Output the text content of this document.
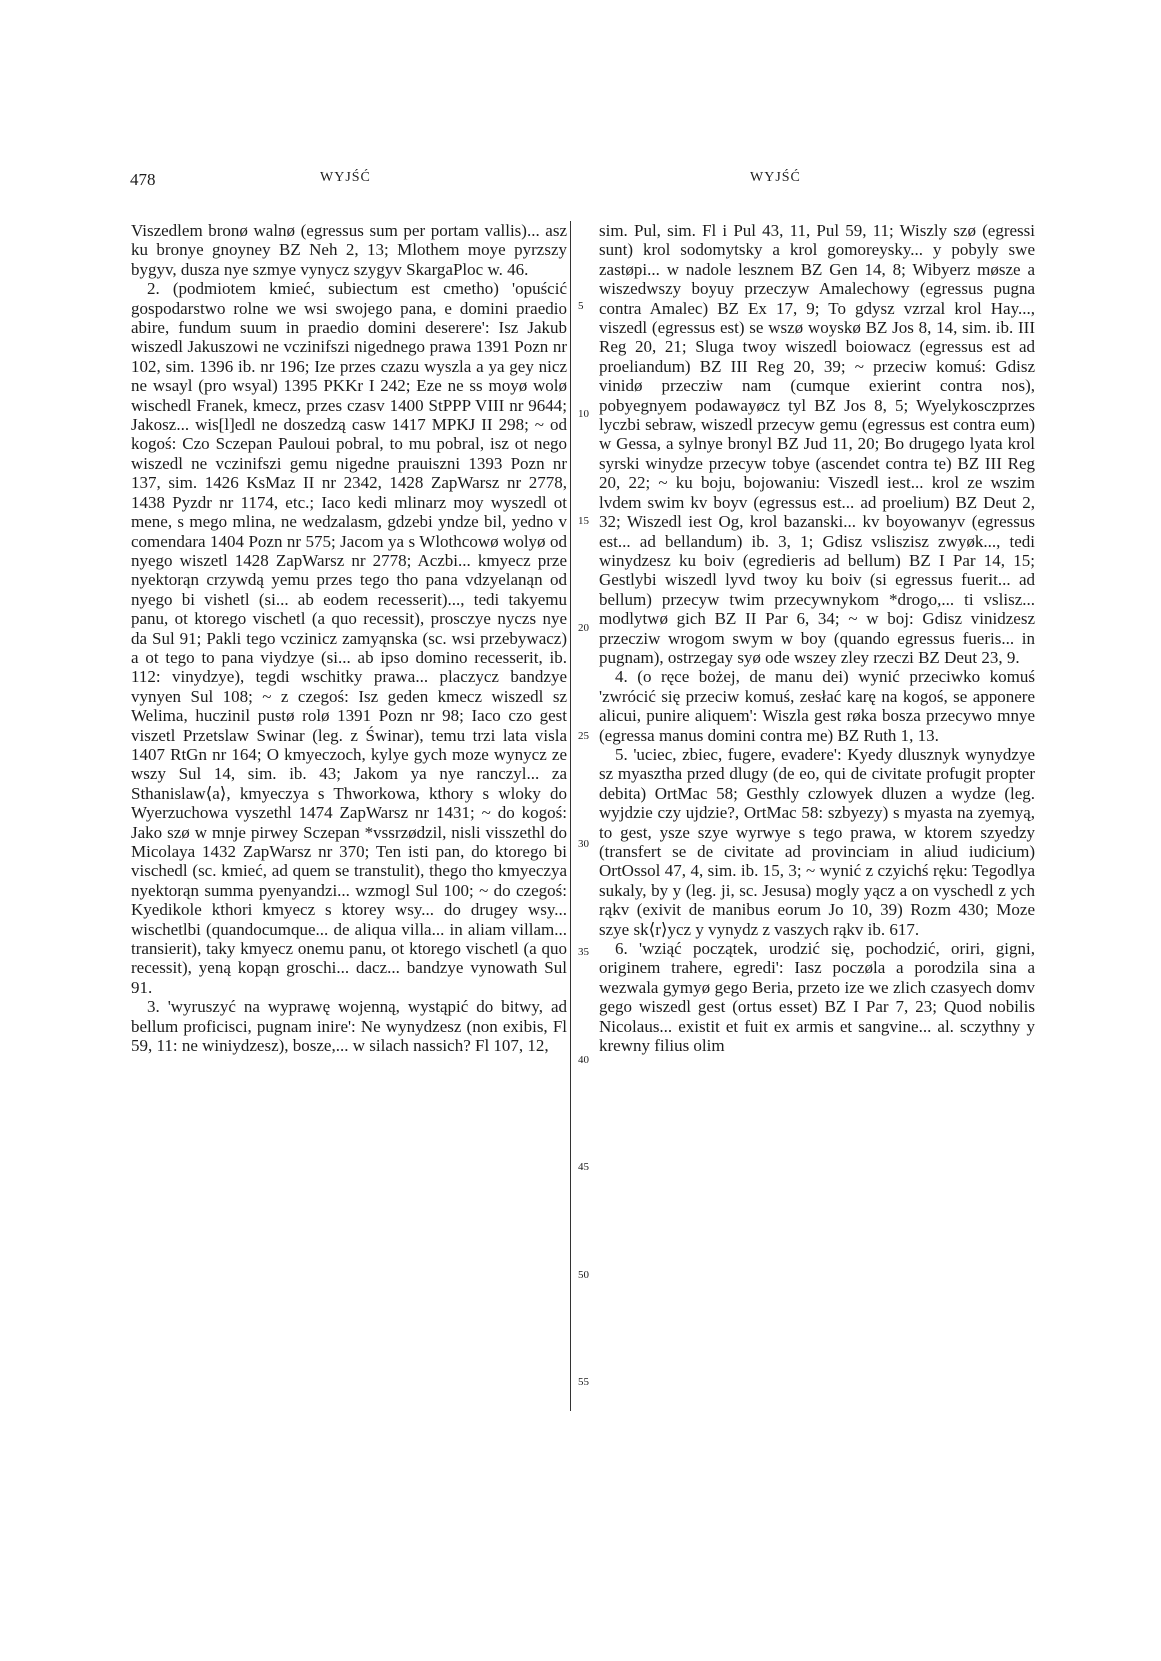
478	WYJŚĆ	WYJŚĆ

Viszedlem bronø walnø (egressus sum per portam vallis)... asz ku bronye gnoyney BZ Neh 2, 13; Mlothem moye pyrzszy bygyv, dusza nye szmye vynycz szygyv SkargaPloc w. 46.

2. (podmiotem kmieć, subiectum est cmetho) 'opuścić gospodarstwo rolne we wsi swojego pana, e domini praedio abire, fundum suum in praedio domini deserere': Isz Jakub wiszedl Jakuszowi ne vczinifszi nigednego prawa 1391 Pozn nr 102, sim. 1396 ib. nr 196; Ize przes czazu wyszla a ya gey nicz ne wsayl (pro wsyal) 1395 PKKr I 242; Eze ne ss moyø wolø wischedl Franek, kmecz, przes czasv 1400 StPPP VIII nr 9644; Jakosz... wis[l]edl ne doszedzą casw 1417 MPKJ II 298; ~ od kogoś: Czo Sczepan Pauloui pobral, to mu pobral, isz ot nego wiszedl ne vczinifszi gemu nigedne prauiszni 1393 Pozn nr 137, sim. 1426 KsMaz II nr 2342, 1428 ZapWarsz nr 2778, 1438 Pyzdr nr 1174, etc.; Iaco kedi mlinarz moy wyszedl ot mene, s mego mlina, ne wedzalasm, gdzebi yndze bil, yedno v comendara 1404 Pozn nr 575; Jacom ya s Wlothcowø wolyø od nyego wiszetl 1428 ZapWarsz nr 2778; Aczbi... kmyecz prze nyektorąn crzywdą yemu przes tego tho pana vdzyelanąn od nyego bi vishetl (si... ab eodem recesserit)..., tedi takyemu panu, ot ktorego vischetl (a quo recessit), prosczye nyczs nye da Sul 91; Pakli tego vczinicz zamyąnska (sc. wsi przebywacz) a ot tego to pana viydzye (si... ab ipso domino recesserit, ib. 112: vinydzye), tegdi wschitky prawa... placzycz bandzye vynyen Sul 108; ~ z czegoś: Isz geden kmecz wiszedl sz Welima, huczinil pustø rolø 1391 Pozn nr 98; Iaco czo gest viszetl Przetslaw Swinar (leg. z Świnar), temu trzi lata visla 1407 RtGn nr 164; O kmyeczoch, kylye gych moze wynycz ze wszy Sul 14, sim. ib. 43; Jakom ya nye ranczyl... za Sthanislaw⟨a⟩, kmyeczya s Thworkowa, kthory s wloky do Wyerzuchowa vyszethl 1474 ZapWarsz nr 1431; ~ do kogoś: Jako szø w mnje pirwey Sczepan *vssrzødzil, nisli visszethl do Micolaya 1432 ZapWarsz nr 370; Ten isti pan, do ktorego bi vischedl (sc. kmieć, ad quem se transtulit), thego tho kmyeczya nyektorąn summa pyenyandzi... wzmogl Sul 100; ~ do czegoś: Kyedikole kthori kmyecz s ktorey wsy... do drugey wsy... wischetlbi (quandocumque... de aliqua villa... in aliam villam... transierit), taky kmyecz onemu panu, ot ktorego vischetl (a quo recessit), yeną kopąn groschi... dacz... bandzye vynowath Sul 91.

3. 'wyruszyć na wyprawę wojenną, wystąpić do bitwy, ad bellum proficisci, pugnam inire': Ne wynydzesz (non exibis, Fl 59, 11: ne winiydzesz), bosze,... w silach nassich? Fl 107, 12,

5
10
15
20
25
30
35
40
45
50
55

sim. Pul, sim. Fl i Pul 43, 11, Pul 59, 11; Wiszly szø (egressi sunt) krol sodomytsky a krol gomoreysky... y pobyly swe zastøpi... w nadole lesznem BZ Gen 14, 8; Wibyerz møsze a wiszedwszy boyuy przeczyw Amalechowy (egressus pugna contra Amalec) BZ Ex 17, 9; To gdysz vzrzal krol Hay..., viszedl (egressus est) se wszø woyskø BZ Jos 8, 14, sim. ib. III Reg 20, 21; Sluga twoy wiszedl boiowacz (egressus est ad proeliandum) BZ III Reg 20, 39; ~ przeciw komuś: Gdisz vinidø przecziw nam (cumque exierint contra nos), pobyegnyem podawayøcz tyl BZ Jos 8, 5; Wyelykosczprzes lyczbi sebraw, wiszedl przecyw gemu (egressus est contra eum) w Gessa, a sylnye bronyl BZ Jud 11, 20; Bo drugego lyata krol syrski winydze przecyw tobye (ascendet contra te) BZ III Reg 20, 22; ~ ku boju, bojowaniu: Viszedl iest... krol ze wszim lvdem swim kv boyv (egressus est... ad proelium) BZ Deut 2, 32; Wiszedl iest Og, krol bazanski... kv boyowanyv (egressus est... ad bellandum) ib. 3, 1; Gdisz vsliszisz zwyøk..., tedi winydzesz ku boiv (egredieris ad bellum) BZ I Par 14, 15; Gestlybi wiszedl lyvd twoy ku boiv (si egressus fuerit... ad bellum) przecyw twim przecywnykom *drogo,... ti vslisz... modlytwø gich BZ II Par 6, 34; ~ w boj: Gdisz vinidzesz przecziw wrogom swym w boy (quando egressus fueris... in pugnam), ostrzegay syø ode wszey zley rzeczi BZ Deut 23, 9.

4. (o ręce bożej, de manu dei) wynić przeciwko komuś 'zwrócić się przeciw komuś, zesłać karę na kogoś, se apponere alicui, punire aliquem': Wiszla gest røka bosza przecywo mnye (egressa manus domini contra me) BZ Ruth 1, 13.

5. 'uciec, zbiec, fugere, evadere': Kyedy dlusznyk wynydzye sz myasztha przed dlugy (de eo, qui de civitate profugit propter debita) OrtMac 58; Gesthly czlowyek dluzen a wydze (leg. wyjdzie czy ujdzie?, OrtMac 58: szbyezy) s myasta na zyemyą, to gest, ysze szye wyrwye s tego prawa, w ktorem szyedzy (transfert se de civitate ad provinciam in aliud iudicium) OrtOssol 47, 4, sim. ib. 15, 3; ~ wynić z czyichś ręku: Tegodlya sukaly, by y (leg. ji, sc. Jesusa) mogly yącz a on vyschedl z ych rąkv (exivit de manibus eorum Jo 10, 39) Rozm 430; Moze szye sk⟨r⟩ycz y vynydz z vaszych rąkv ib. 617.

6. 'wziąć początek, urodzić się, pochodzić, oriri, gigni, originem trahere, egredi': Iasz poczøla a porodzila sina a wezwala gymyø gego Beria, przeto ize we zlich czasyech domv gego wiszedl gest (ortus esset) BZ I Par 7, 23; Quod nobilis Nicolaus... existit et fuit ex armis et sangvine... al. sczythny y krewny filius olim
